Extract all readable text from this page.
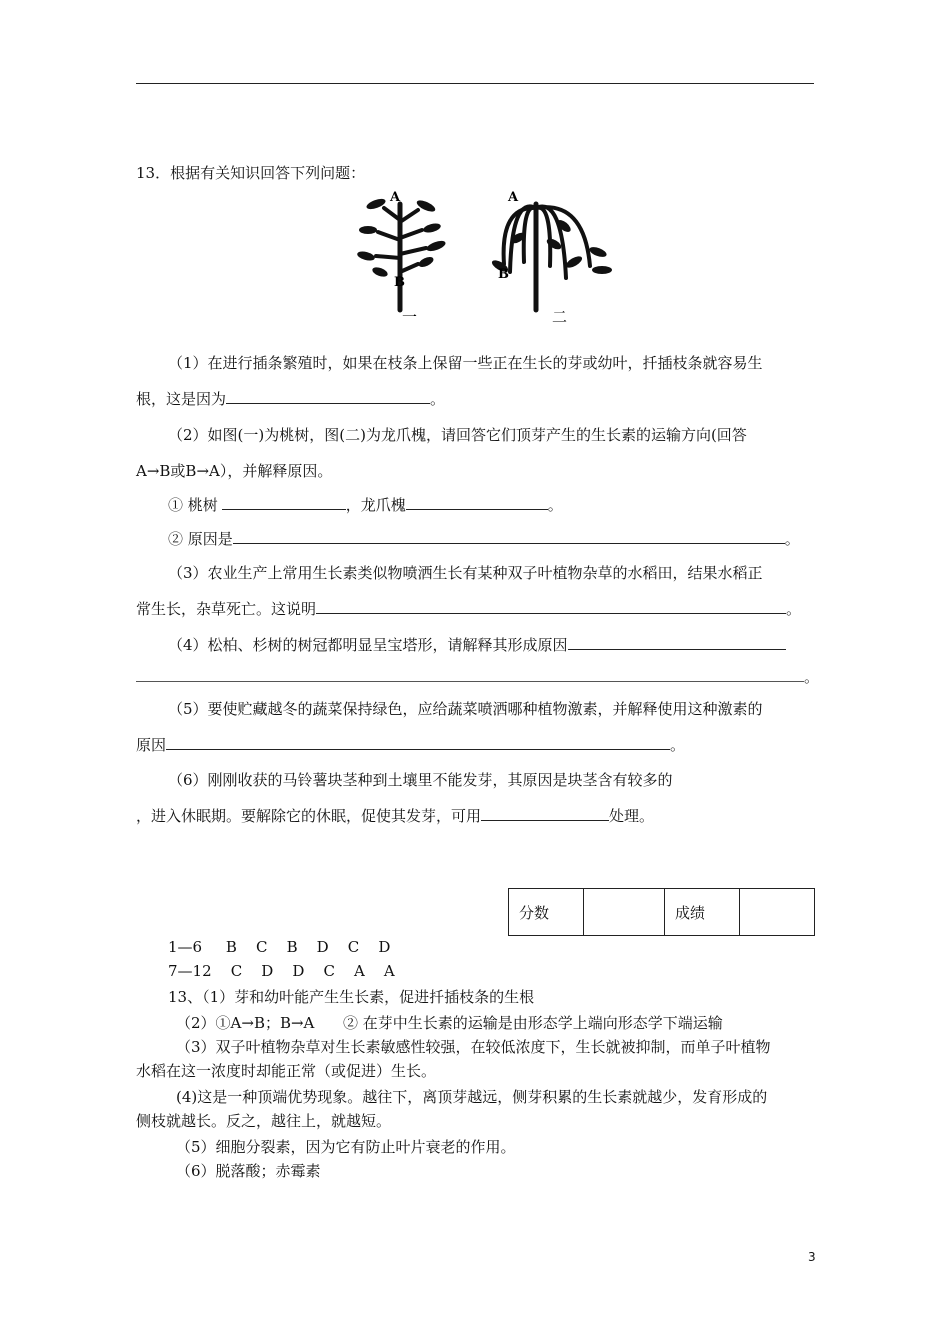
13．根据有关知识回答下列问题：
A
B
A
B
一	二
（1）在进行插条繁殖时，如果在枝条上保留一些正在生长的芽或幼叶，扦插枝条就容易生
根，这是因为	。
（2）如图(一)为桃树，图(二)为龙爪槐，请回答它们顶芽产生的生长素的运输方向(回答
A→B或B→A），并解释原因。
① 桃树	，龙爪槐	。
② 原因是	。
（3）农业生产上常用生长素类似物喷洒生长有某种双子叶植物杂草的水稻田，结果水稻正
常生长，杂草死亡。这说明	。
（4）松柏、杉树的树冠都明显呈宝塔形，请解释其形成原因
。
（5）要使贮藏越冬的蔬菜保持绿色，应给蔬菜喷洒哪种植物激素，并解释使用这种激素的
原因	。
（6）刚刚收获的马铃薯块茎种到土壤里不能发芽，其原因是块茎含有较多的
，进入休眠期。要解除它的休眠，促使其发芽，可用	处理。
分数		成绩	
1—6     B    C    B    D    C    D
7—12    C    D    D    C    A    A
13、（1）芽和幼叶能产生生长素，促进扦插枝条的生根
（2）①A→B；B→A      ② 在芽中生长素的运输是由形态学上端向形态学下端运输
（3）双子叶植物杂草对生长素敏感性较强，在较低浓度下，生长就被抑制，而单子叶植物
水稻在这一浓度时却能正常（或促进）生长。
(4)这是一种顶端优势现象。越往下，离顶芽越远，侧芽积累的生长素就越少，发育形成的
侧枝就越长。反之，越往上，就越短。
（5）细胞分裂素，因为它有防止叶片衰老的作用。
（6）脱落酸；赤霉素
3
